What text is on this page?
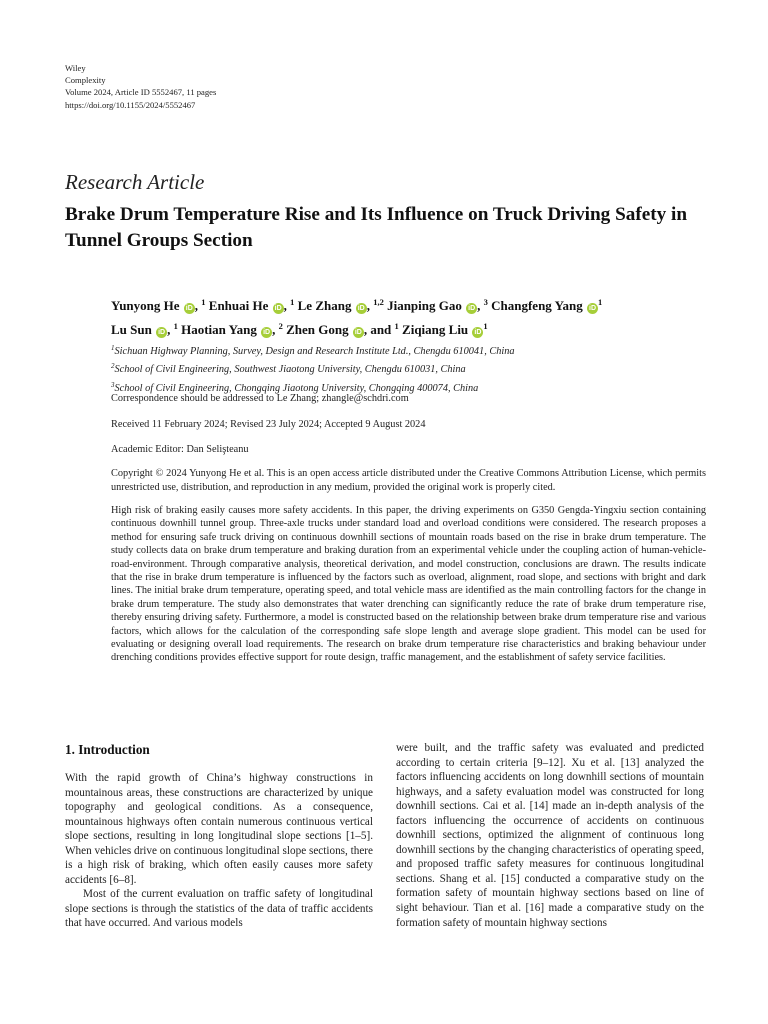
Wiley
Complexity
Volume 2024, Article ID 5552467, 11 pages
https://doi.org/10.1155/2024/5552467
Research Article
Brake Drum Temperature Rise and Its Influence on Truck Driving Safety in Tunnel Groups Section
Yunyong He iD , $^1$ Enhuai He iD , $^1$ Le Zhang iD , $^{1,2}$ Jianping Gao iD , $^3$ Changfeng Yang $iD^1$
Lu Sun iD , $^1$ Haotian Yang iD , $^2$ Zhen Gong iD , and $^1$ Ziqiang Liu $iD^1$
$^1$Sichuan Highway Planning, Survey, Design and Research Institute Ltd., Chengdu 610041, China
$^2$School of Civil Engineering, Southwest Jiaotong University, Chengdu 610031, China
$^3$School of Civil Engineering, Chongqing Jiaotong University, Chongqing 400074, China
Correspondence should be addressed to Le Zhang; zhangle@schdri.com
Received 11 February 2024; Revised 23 July 2024; Accepted 9 August 2024
Academic Editor: Dan Selişteanu
Copyright © 2024 Yunyong He et al. This is an open access article distributed under the Creative Commons Attribution License, which permits unrestricted use, distribution, and reproduction in any medium, provided the original work is properly cited.
High risk of braking easily causes more safety accidents. In this paper, the driving experiments on G350 Gengda-Yingxiu section containing continuous downhill tunnel group. Three-axle trucks under standard load and overload conditions were considered. The research proposes a method for ensuring safe truck driving on continuous downhill sections of mountain roads based on the rise in brake drum temperature. The study collects data on brake drum temperature and braking duration from an experimental vehicle under the coupling action of human-vehicle-road-environment. Through comparative analysis, theoretical derivation, and model construction, conclusions are drawn. The results indicate that the rise in brake drum temperature is influenced by the factors such as overload, alignment, road slope, and sections with bright and dark lines. The initial brake drum temperature, operating speed, and total vehicle mass are identified as the main controlling factors for the change in brake drum temperature. The study also demonstrates that water drenching can significantly reduce the rate of brake drum temperature rise, thereby ensuring driving safety. Furthermore, a model is constructed based on the relationship between brake drum temperature rise and various factors, which allows for the calculation of the corresponding safe slope length and average slope gradient. This model can be used for evaluating or designing overall load requirements. The research on brake drum temperature rise characteristics and braking behaviour under drenching conditions provides effective support for route design, traffic management, and the establishment of safety service facilities.
1. Introduction

With the rapid growth of China’s highway constructions in mountainous areas, these constructions are characterized by unique topography and geological conditions. As a consequence, mountainous highways often contain numerous continuous vertical slope sections, resulting in long longitudinal slope sections [1–5]. When vehicles drive on continuous longitudinal slope sections, there is a high risk of braking, which often easily causes more safety accidents [6–8].

Most of the current evaluation on traffic safety of longitudinal slope sections is through the statistics of the data of traffic accidents that have occurred. And various models

were built, and the traffic safety was evaluated and predicted according to certain criteria [9–12]. Xu et al. [13] analyzed the factors influencing accidents on long downhill sections of mountain highways, and a safety evaluation model was constructed for long downhill sections. Cai et al. [14] made an in-depth analysis of the factors influencing the occurrence of accidents on continuous downhill sections, optimized the alignment of continuous long downhill sections by the changing characteristics of operating speed, and proposed traffic safety measures for continuous longitudinal sections. Shang et al. [15] conducted a comparative study on the formation safety of mountain highway sections based on line of sight behaviour. Tian et al. [16] made a comparative study on the formation safety of mountain highway sections
